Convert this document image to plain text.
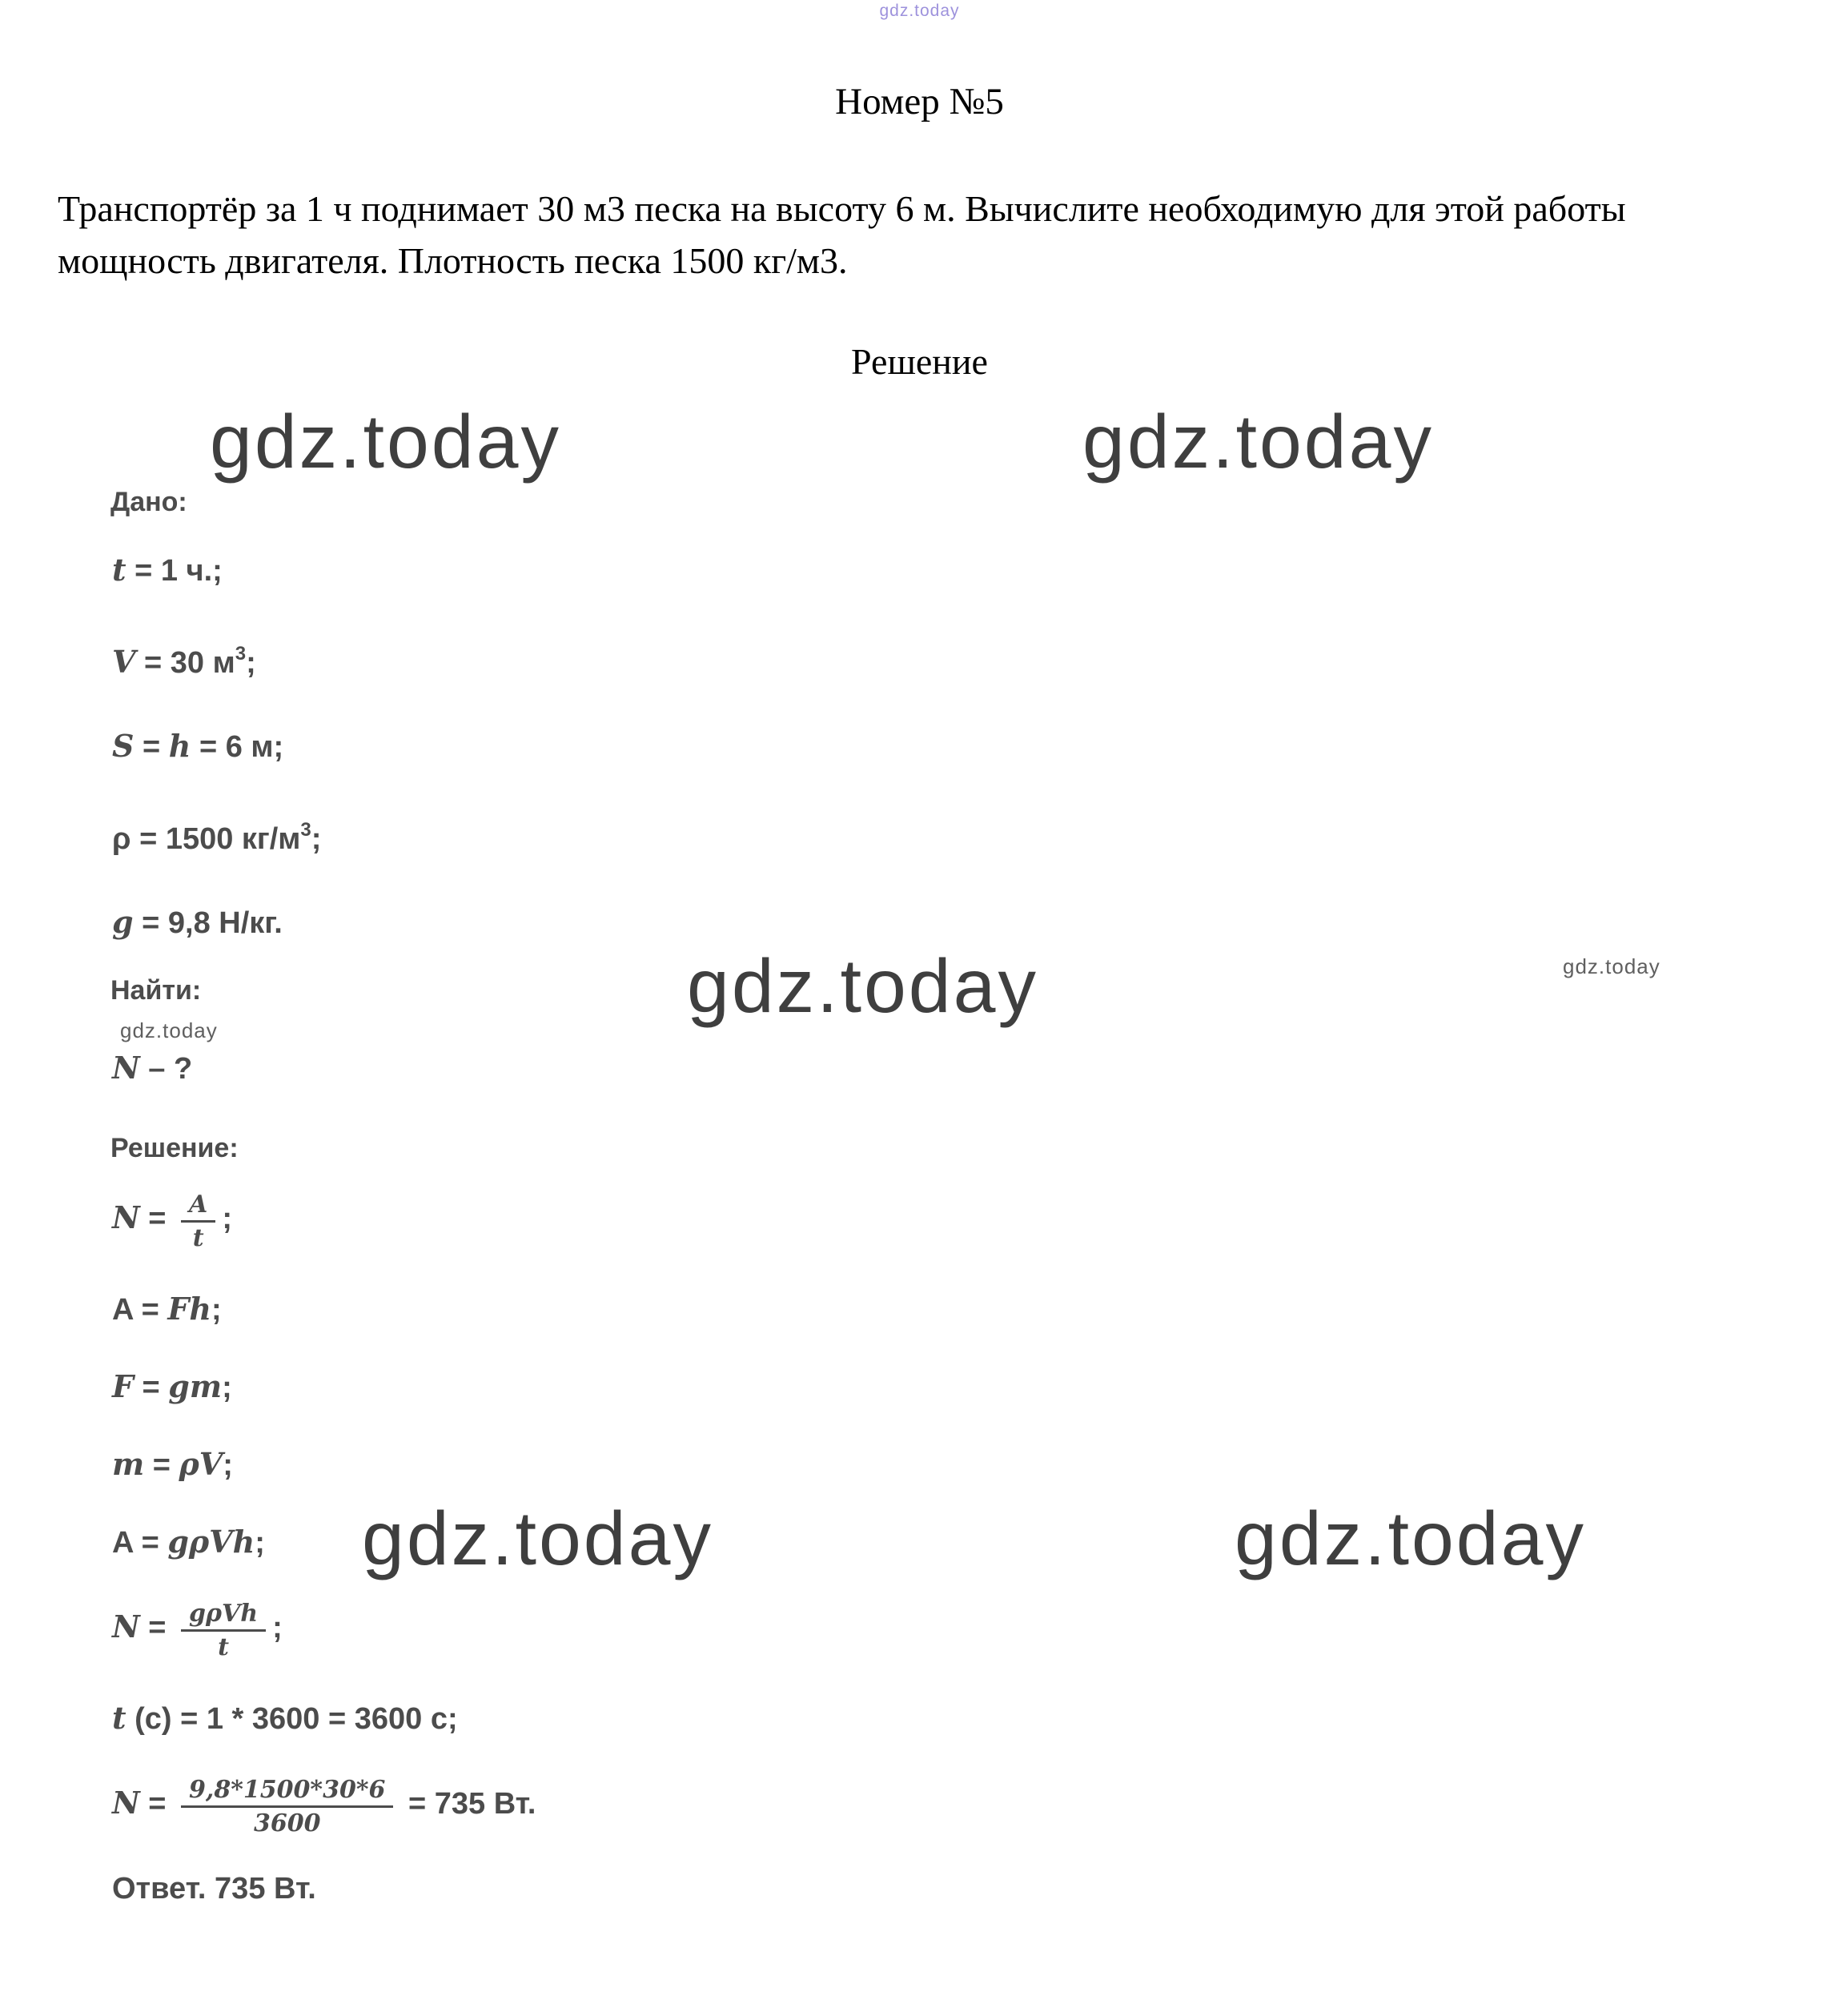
gdz.today
Номер №5

Транспортёр за 1 ч поднимает 30 м3 песка на высоту 6 м. Вычислите необходимую для этой работы мощность двигателя. Плотность песка 1500 кг/м3.

Решение
gdz.today	gdz.today
gdz.today
gdz.today	gdz.today
gdz.today
gdz.today
Дано:
t = 1 ч.;
V = 30 $м^3$;
S = h = 6 м;
ρ = 1500 $кг/м^3$;
g = 9,8 Н/кг.
Найти:
N – ?
Решение:
$N = \frac{A}{t}$ ;
A = Fh;
F = gm;
m = ρV;
A = gρVh;
$N = \frac{\text{gρVh}}{t}$ ;
t (с) = 1 * 3600 = 3600 с;
$N = \frac{9,8*1500*30*6}{3600} = 735$ Вт.
Ответ. 735 Вт.
